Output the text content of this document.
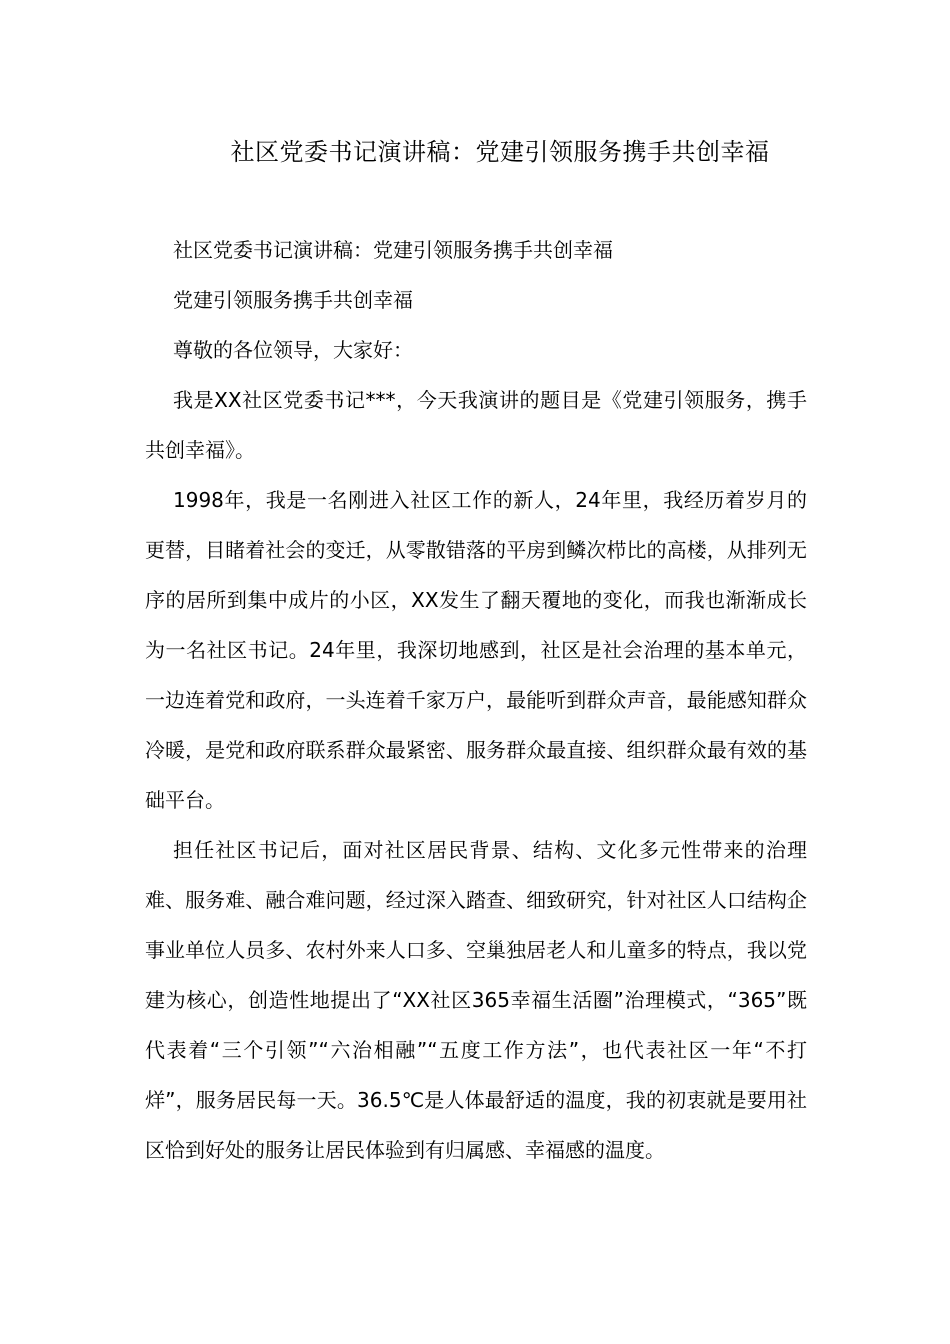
社区党委书记演讲稿：党建引领服务携手共创幸福

社区党委书记演讲稿：党建引领服务携手共创幸福

党建引领服务携手共创幸福

尊敬的各位领导，大家好：

我是XX社区党委书记***，今天我演讲的题目是《党建引领服务，携手共创幸福》。

1998年，我是一名刚进入社区工作的新人，24年里，我经历着岁月的更替，目睹着社会的变迁，从零散错落的平房到鳞次栉比的高楼，从排列无序的居所到集中成片的小区，XX发生了翻天覆地的变化，而我也渐渐成长为一名社区书记。24年里，我深切地感到，社区是社会治理的基本单元，一边连着党和政府，一头连着千家万户，最能听到群众声音，最能感知群众冷暖，是党和政府联系群众最紧密、服务群众最直接、组织群众最有效的基础平台。

担任社区书记后，面对社区居民背景、结构、文化多元性带来的治理难、服务难、融合难问题，经过深入踏查、细致研究，针对社区人口结构企事业单位人员多、农村外来人口多、空巢独居老人和儿童多的特点，我以党建为核心，创造性地提出了“XX社区365幸福生活圈”治理模式，“365”既代表着“三个引领”“六治相融”“五度工作方法”，也代表社区一年“不打烊”，服务居民每一天。36.5℃是人体最舒适的温度，我的初衷就是要用社区恰到好处的服务让居民体验到有归属感、幸福感的温度。
